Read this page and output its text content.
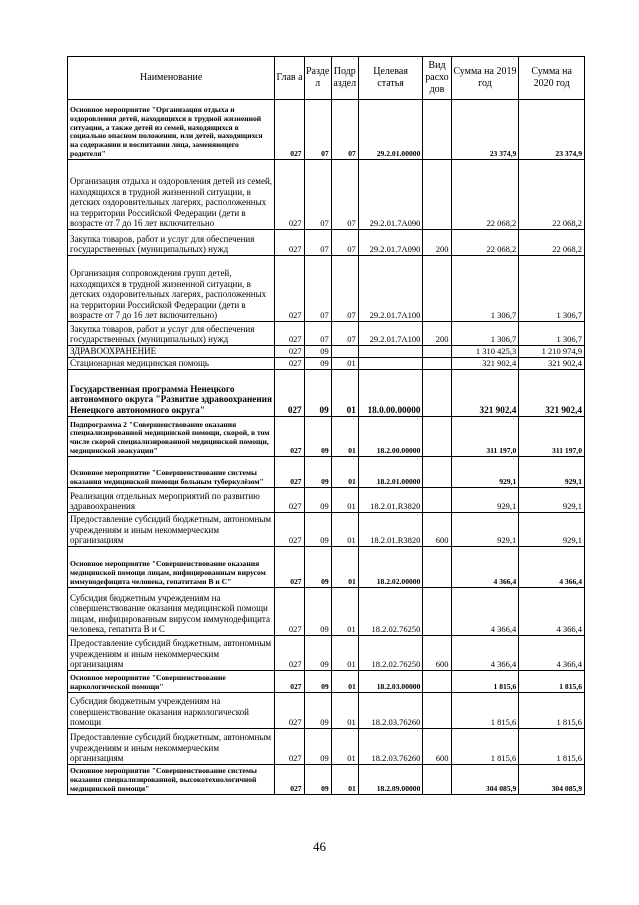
Наименование	Глав а	Разде л	Подр аздел	Целевая статья	Вид расхо дов	Сумма на 2019 год	Сумма на 2020 год
Основное мероприятие "Организация отдыха и оздоровления детей, находящихся в трудной жизненной ситуации, а также детей из семей, находящихся в социально опасном положении, или детей, находящихся на содержании и воспитании лица, заменяющего родителя"	027	07	07	29.2.01.00000		23 374,9	23 374,9
Организация отдыха и оздоровления детей из семей, находящихся в трудной жизненной ситуации, в детских оздоровительных лагерях, расположенных на территории Российской Федерации (дети в возрасте от 7 до 16 лет включительно	027	07	07	29.2.01.7А090		22 068,2	22 068,2
Закупка товаров, работ и услуг для обеспечения государственных (муниципальных) нужд	027	07	07	29.2.01.7А090	200	22 068,2	22 068,2
Организация сопровождения групп детей, находящихся в трудной жизненной ситуации, в детских оздоровительных лагерях, расположенных на территории Российской Федерации (дети в возрасте от 7 до 16 лет включительно)	027	07	07	29.2.01.7А100		1 306,7	1 306,7
Закупка товаров, работ и услуг для обеспечения государственных (муниципальных) нужд	027	07	07	29.2.01.7А100	200	1 306,7	1 306,7
ЗДРАВООХРАНЕНИЕ	027	09				1 310 425,3	1 210 974,9
Стационарная медицинская помощь	027	09	01			321 902,4	321 902,4
Государственная программа Ненецкого автономного округа "Развитие здравоохранения Ненецкого автономного округа"	027	09	01	18.0.00.00000		321 902,4	321 902,4
Подпрограмма 2 "Совершенствование оказания специализированной медицинской помощи, скорой, в том числе скорой специализированной медицинской помощи, медицинской эвакуации"	027	09	01	18.2.00.00000		311 197,0	311 197,0
Основное мероприятие "Совершенствование системы оказания медицинской помощи больным туберкулёзом"	027	09	01	18.2.01.00000		929,1	929,1
Реализация отдельных мероприятий по развитию здравоохранения	027	09	01	18.2.01.R3820		929,1	929,1
Предоставление субсидий бюджетным, автономным учреждениям и иным некоммерческим организациям	027	09	01	18.2.01.R3820	600	929,1	929,1
Основное мероприятие "Совершенствование оказания медицинской помощи лицам, инфицированным вирусом иммунодефицита человека, гепатитами В и С"	027	09	01	18.2.02.00000		4 366,4	4 366,4
Субсидия бюджетным учреждениям на совершенствование оказания медицинской помощи лицам, инфицированным вирусом иммунодефицита человека, гепатита В и С	027	09	01	18.2.02.76250		4 366,4	4 366,4
Предоставление субсидий бюджетным, автономным учреждениям и иным некоммерческим организациям	027	09	01	18.2.02.76250	600	4 366,4	4 366,4
Основное мероприятие "Совершенствование наркологической помощи"	027	09	01	18.2.03.00000		1 815,6	1 815,6
Субсидия бюджетным учреждениям на совершенствование оказания наркологической помощи	027	09	01	18.2.03.76260		1 815,6	1 815,6
Предоставление субсидий бюджетным, автономным учреждениям и иным некоммерческим организациям	027	09	01	18.2.03.76260	600	1 815,6	1 815,6
Основное мероприятие "Совершенствование системы оказания специализированной, высокотехнологичной медицинской помощи"	027	09	01	18.2.09.00000		304 085,9	304 085,9
46
